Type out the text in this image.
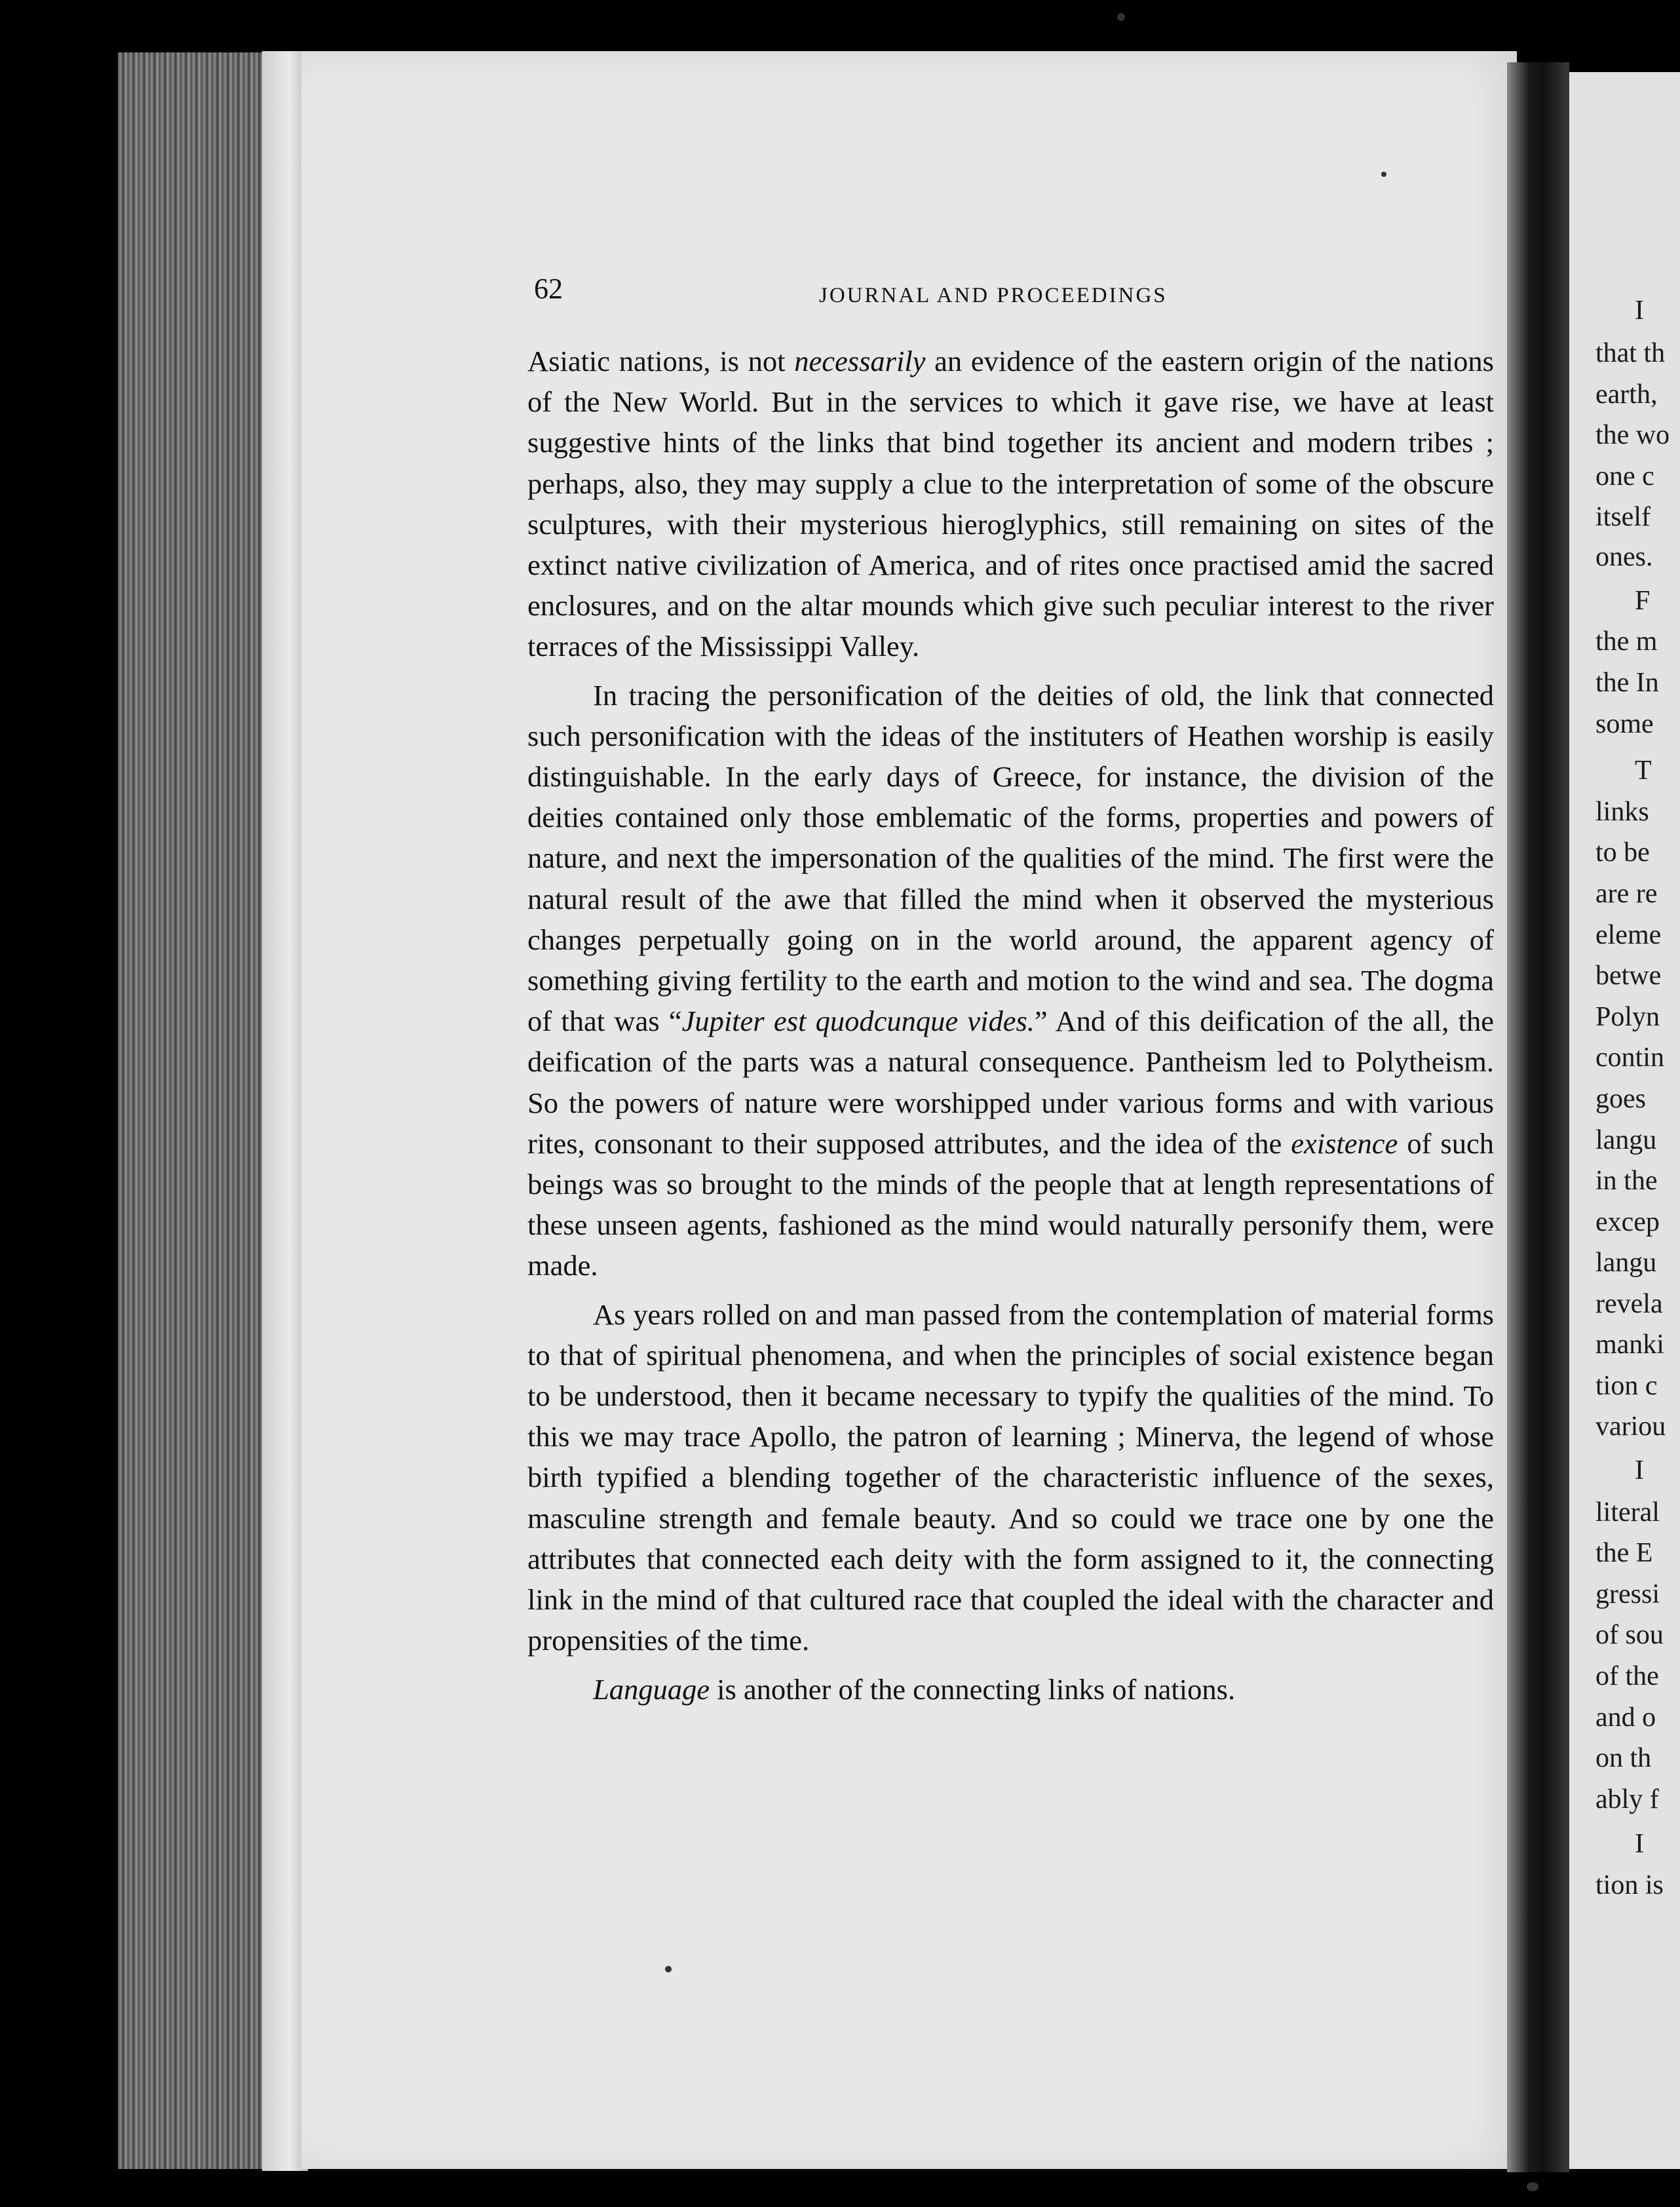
62	JOURNAL AND PROCEEDINGS

Asiatic nations, is not necessarily an evidence of the eastern origin of the nations of the New World. But in the services to which it gave rise, we have at least suggestive hints of the links that bind together its ancient and modern tribes ; perhaps, also, they may supply a clue to the interpretation of some of the obscure sculptures, with their mysterious hieroglyphics, still remaining on sites of the extinct native civilization of America, and of rites once practised amid the sacred enclosures, and on the altar mounds which give such peculiar interest to the river terraces of the Mississippi Valley.

In tracing the personification of the deities of old, the link that connected such personification with the ideas of the instituters of Heathen worship is easily distinguishable. In the early days of Greece, for instance, the division of the deities contained only those emblematic of the forms, properties and powers of nature, and next the impersonation of the qualities of the mind. The first were the natural result of the awe that filled the mind when it observed the mysterious changes perpetually going on in the world around, the apparent agency of something giving fertility to the earth and motion to the wind and sea. The dogma of that was “Jupiter est quodcunque vides.” And of this deification of the all, the deification of the parts was a natural consequence. Pantheism led to Polytheism. So the powers of nature were worshipped under various forms and with various rites, consonant to their supposed attributes, and the idea of the existence of such beings was so brought to the minds of the people that at length representations of these unseen agents, fashioned as the mind would naturally personify them, were made.

As years rolled on and man passed from the contemplation of material forms to that of spiritual phenomena, and when the principles of social existence began to be understood, then it became necessary to typify the qualities of the mind. To this we may trace Apollo, the patron of learning ; Minerva, the legend of whose birth typified a blending together of the characteristic influence of the sexes, masculine strength and female beauty. And so could we trace one by one the attributes that connected each deity with the form assigned to it, the connecting link in the mind of that cultured race that coupled the ideal with the character and propensities of the time.

Language is another of the connecting links of nations.

I
that th
earth,
the wo
one c
itself
ones.
F
the m
the In
some
T
links
to be
are re
eleme
betwe
Polyn
contin
goes
langu
in the
excep
langu
revela
manki
tion c
variou
I
literal
the E
gressi
of sou
of the
and o
on th
ably f
I
tion is
